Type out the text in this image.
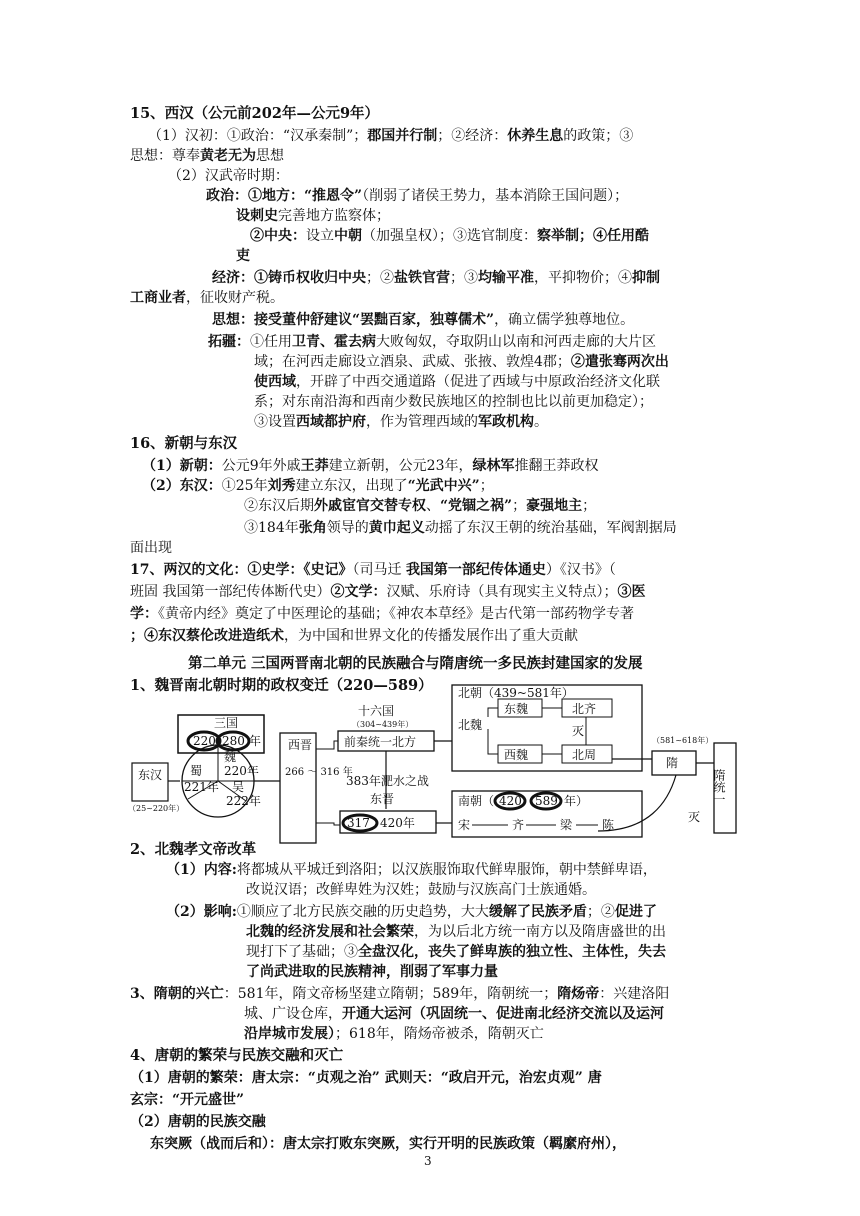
15、西汉（公元前202年—公元9年）
（1）汉初：①政治：“汉承秦制”；郡国并行制；②经济：休养生息的政策；③
思想：尊奉黄老无为思想
（2）汉武帝时期：
政治：①地方：“推恩令”（削弱了诸侯王势力，基本消除王国问题）；
设刺史完善地方监察体；
②中央：设立中朝（加强皇权）；③选官制度：察举制；④任用酷
吏
经济：①铸币权收归中央；②盐铁官营；③均输平准，平抑物价；④抑制
工商业者，征收财产税。
思想：接受董仲舒建议“罢黜百家，独尊儒术”，确立儒学独尊地位。
拓疆：①任用卫青、霍去病大败匈奴，夺取阴山以南和河西走廊的大片区
域；在河西走廊设立酒泉、武威、张掖、敦煌4郡；②遣张骞两次出
使西域，开辟了中西交通道路（促进了西域与中原政治经济文化联
系；对东南沿海和西南少数民族地区的控制也比以前更加稳定）；
③设置西域都护府，作为管理西域的军政机构。
16、新朝与东汉
（1）新朝：公元9年外戚王莽建立新朝，公元23年，绿林军推翻王莽政权
（2）东汉：①25年刘秀建立东汉，出现了“光武中兴”；
②东汉后期外戚宦官交替专权、“党锢之祸”；豪强地主；
③184年张角领导的黄巾起义动摇了东汉王朝的统治基础，军阀割据局
面出现
17、两汉的文化：①史学：《史记》（司马迁 我国第一部纪传体通史）《汉书》（
班固 我国第一部纪传体断代史）②文学：汉赋、乐府诗（具有现实主义特点）；③医
学：《黄帝内经》奠定了中医理论的基础；《神农本草经》是古代第一部药物学专著
；④东汉蔡伦改进造纸术，为中国和世界文化的传播发展作出了重大贡献
第二单元 三国两晋南北朝的民族融合与隋唐统一多民族封建国家的发展
1、魏晋南北朝时期的政权变迁（220—589）
三国
220 280 年
东汉
（25~220年）
魏
220年
蜀
221年 吴
222年
西晋
266 ～ 316 年
十六国
（304~439年）
前秦统一北方
383年淝水之战
东晋
317 420年
北朝（439~581年）
北魏
东魏	北齐
西魏	北周
灭
南朝（ 420 589 年）
宋	齐	梁 陈
（581~618年）
隋
灭
隋统一
2、北魏孝文帝改革
（1）内容:将都城从平城迁到洛阳；以汉族服饰取代鲜卑服饰，朝中禁鲜卑语，
改说汉语；改鲜卑姓为汉姓；鼓励与汉族高门士族通婚。
（2）影响:①顺应了北方民族交融的历史趋势，大大缓解了民族矛盾；②促进了
北魏的经济发展和社会繁荣，为以后北方统一南方以及隋唐盛世的出
现打下了基础；③全盘汉化，丧失了鲜卑族的独立性、主体性，失去
了尚武进取的民族精神，削弱了军事力量
3、隋朝的兴亡：581年，隋文帝杨坚建立隋朝；589年，隋朝统一；隋炀帝：兴建洛阳
城、广设仓库，开通大运河（巩固统一、促进南北经济交流以及运河
沿岸城市发展）；618年，隋炀帝被杀，隋朝灭亡
4、唐朝的繁荣与民族交融和灭亡
（1）唐朝的繁荣：唐太宗：“贞观之治” 武则天：“政启开元，治宏贞观” 唐
玄宗：“开元盛世”
（2）唐朝的民族交融
东突厥（战而后和）：唐太宗打败东突厥，实行开明的民族政策（羁縻府州），
3
